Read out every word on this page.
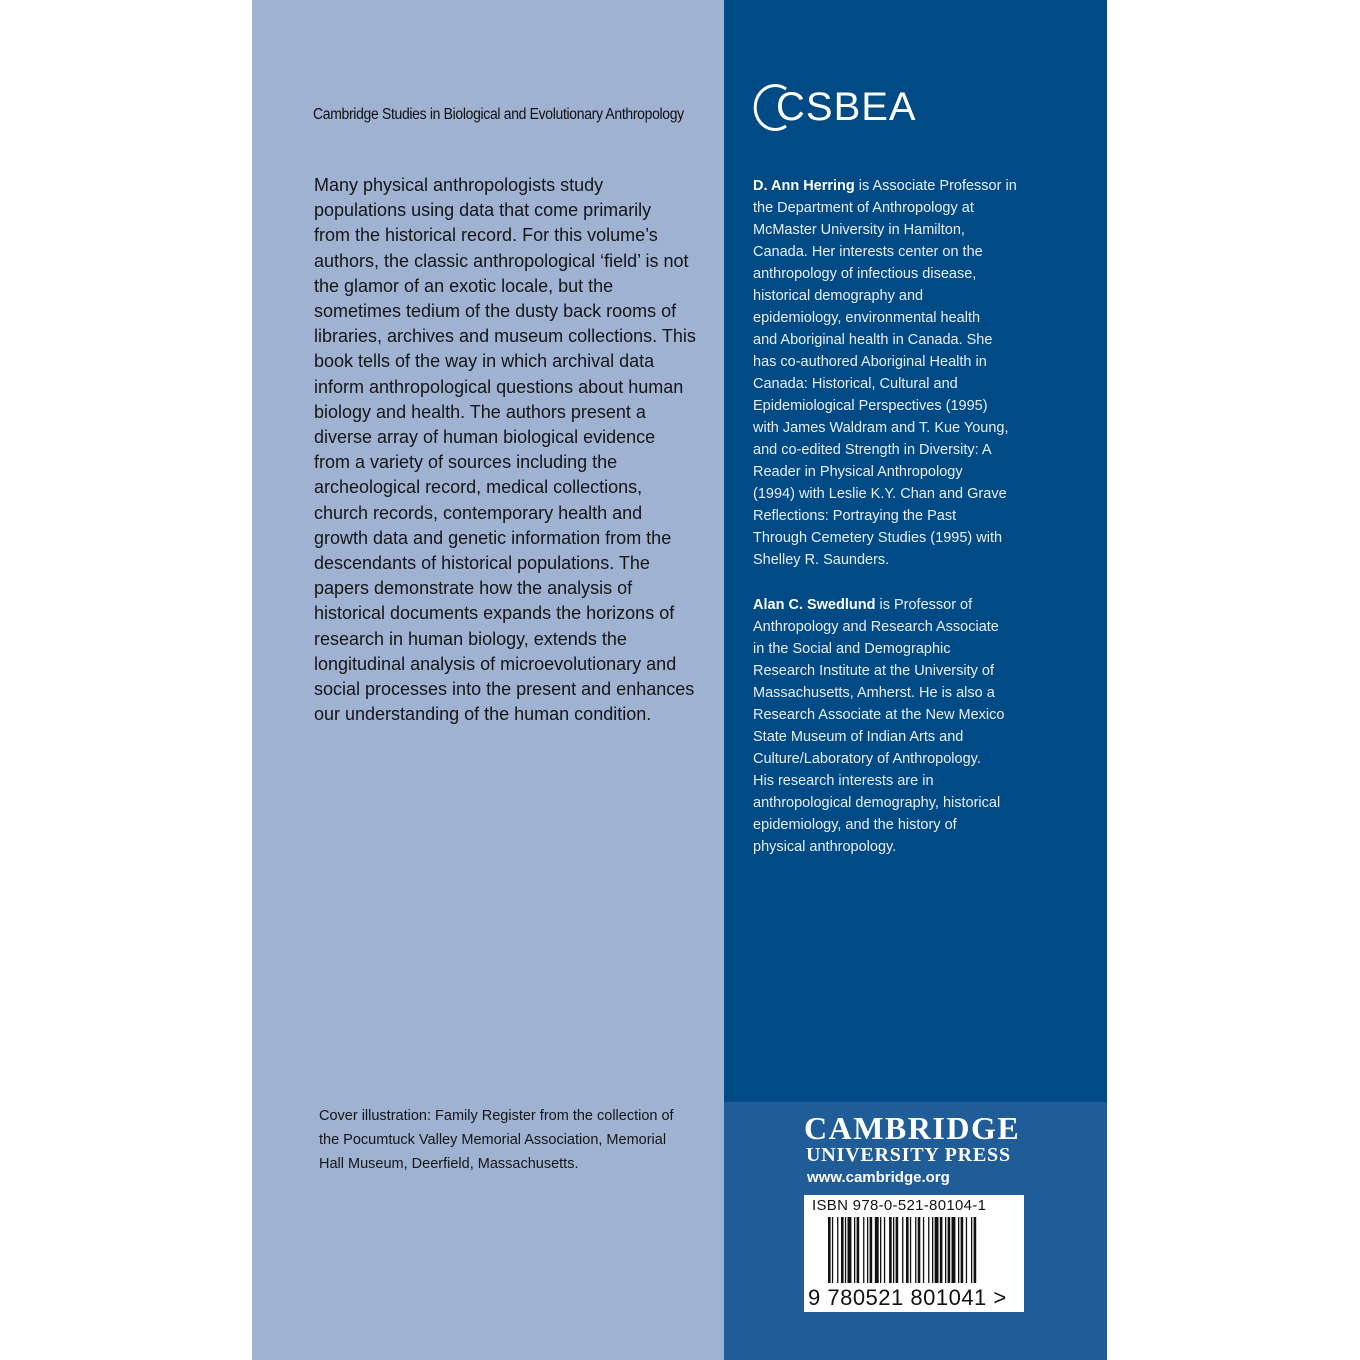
Cambridge Studies in Biological and Evolutionary Anthropology
Many physical anthropologists study
populations using data that come primarily
from the historical record. For this volume’s
authors, the classic anthropological ‘field’ is not
the glamor of an exotic locale, but the
sometimes tedium of the dusty back rooms of
libraries, archives and museum collections. This
book tells of the way in which archival data
inform anthropological questions about human
biology and health. The authors present a
diverse array of human biological evidence
from a variety of sources including the
archeological record, medical collections,
church records, contemporary health and
growth data and genetic information from the
descendants of historical populations. The
papers demonstrate how the analysis of
historical documents expands the horizons of
research in human biology, extends the
longitudinal analysis of microevolutionary and
social processes into the present and enhances
our understanding of the human condition.
Cover illustration: Family Register from the collection of
the Pocumtuck Valley Memorial Association, Memorial
Hall Museum, Deerfield, Massachusetts.
CSBEA
D. Ann Herring is Associate Professor in
the Department of Anthropology at
McMaster University in Hamilton,
Canada. Her interests center on the
anthropology of infectious disease,
historical demography and
epidemiology, environmental health
and Aboriginal health in Canada. She
has co-authored Aboriginal Health in
Canada: Historical, Cultural and
Epidemiological Perspectives (1995)
with James Waldram and T. Kue Young,
and co-edited Strength in Diversity: A
Reader in Physical Anthropology
(1994) with Leslie K.Y. Chan and Grave
Reflections: Portraying the Past
Through Cemetery Studies (1995) with
Shelley R. Saunders.
Alan C. Swedlund is Professor of
Anthropology and Research Associate
in the Social and Demographic
Research Institute at the University of
Massachusetts, Amherst. He is also a
Research Associate at the New Mexico
State Museum of Indian Arts and
Culture/Laboratory of Anthropology.
His research interests are in
anthropological demography, historical
epidemiology, and the history of
physical anthropology.
CAMBRIDGE
UNIVERSITY PRESS
www.cambridge.org
ISBN 978-0-521-80104-1
9 780521 801041 >
